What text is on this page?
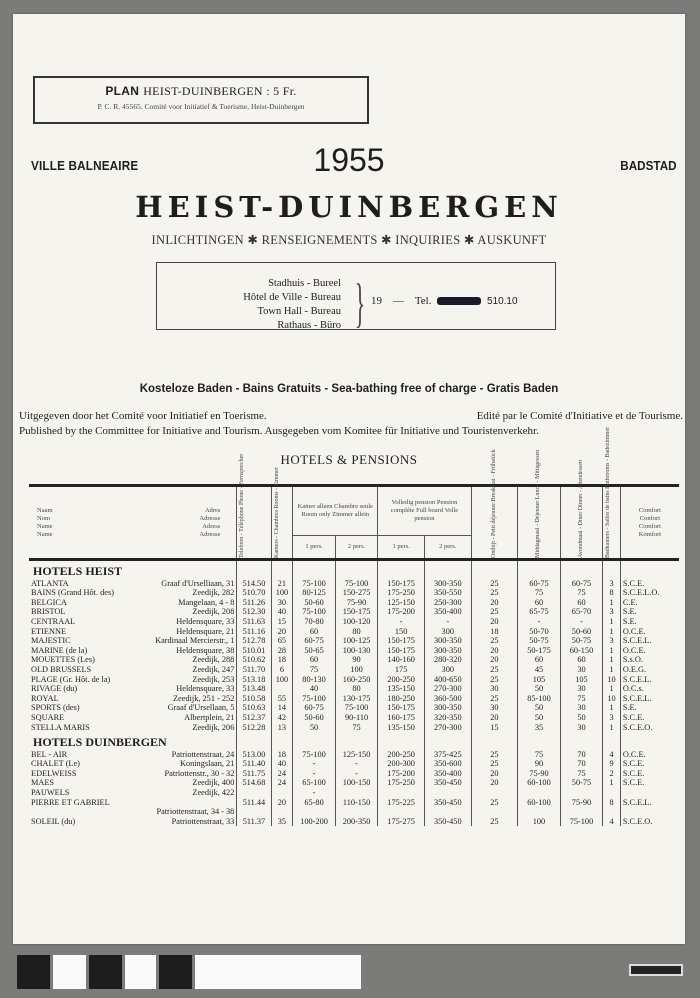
PLAN HEIST-DUINBERGEN : 5 Fr.
P. C. R. 45565. Comité voor Initiatief & Toerisme, Heist-Duinbergen
VILLE BALNEAIRE	1955	BADSTAD
HEIST-DUINBERGEN
INLICHTINGEN ✱ RENSEIGNEMENTS ✱ INQUIRIES ✱ AUSKUNFT
Stadhuis - Bureel
Hôtel de Ville - Bureau
Town Hall - Bureau
Rathaus - Büro } 19 — Tel.	510.10
Kosteloze Baden - Bains Gratuits - Sea-bathing free of charge - Gratis Baden
Uitgegeven door het Comité voor Initiatief en Toerisme.	Edité par le Comité d'Initiative et de Tourisme.
Published by the Committee for Initiative and Tourism. Ausgegeben vom Komitee für Initiative und Touristenverkehr.
HOTELS & PENSIONS
Naam
Nom
Name
Name
Adres
Adresse
Adress
Adresse	Telefoon - Téléphone Phone - Fernsprecher	Kamers - Chambres Rooms - Zimmer	Kamer alleen Chambre seule Room only Zimmer allein	Volledig pension Pension complète Full board Volle pension	Ontbijt - Petit déjeuner Breakfast - Frühstück	Middagmaal - Déjeuner Lunch - Mittagessen	Avondmaal - Dîner Dinner - Abendessen	Badkamers - Salles de bains Bathrooms - Badezimmer	Comfort
Confort
Comfort
Komfort

			1 pers.	2 pers.	1 pers.	2 pers.					
HOTELS HEIST											

ATLANTA Graaf d'Urselliaan, 31	514.50	21	75-100	75-100	150-175	300-350	25	60-75	60-75	3	S.C.E.

BAINS (Grand Hôt. des) Zeedijk, 282	510.70	100	80-125	150-275	175-250	350-550	25	75	75	8	S.C.E.L.O.

BELGICA Mangelaan, 4 - 8	511.26	30	50-60	75-90	125-150	250-300	20	60	60	1	C.E.

BRISTOL Zeedijk, 208	512.30	40	75-100	150-175	175-200	350-400	25	65-75	65-70	3	S.E.

CENTRAAL Heldensquare, 33	511.63	15	70-80	100-120	-	-	20	-	-	1	S.E.

ETIENNE Heldensquare, 21	511.16	20	60	80	150	300	18	50-70	50-60	1	O.C.E.

MAJESTIC Kardinaal Mercierstr., 1	512.78	65	60-75	100-125	150-175	300-350	25	50-75	50-75	3	S.C.E.L.

MARINE (de la) Heldensquare, 38	510.01	28	50-65	100-130	150-175	300-350	20	50-175	60-150	1	O.C.E.

MOUETTES (Les) Zeedijk, 288	510.62	18	60	90	140-160	280-320	20	60	60	1	S.s.O.

OLD BRUSSELS Zeedijk, 247	511.70	6	75	100	175	300	25	45	30	1	O.E.G.

PLAGE (Gr. Hôt. de la) Zeedijk, 253	513.18	100	80-130	160-250	200-250	400-650	25	105	105	10	S.C.E.L.

RIVAGE (du) Heldensquare, 33	513.48		40	80	135-150	270-300	30	50	30	1	O.C.s.

ROYAL Zeedijk, 251 - 252	510.58	55	75-100	130-175	180-250	360-500	25	85-100	75	10	S.C.E.L.

SPORTS (des) Graaf d'Ursellaan, 5	510.63	14	60-75	75-100	150-175	300-350	30	50	30	1	S.E.

SQUARE Albertplein, 21	512.37	42	50-60	90-110	160-175	320-350	20	50	50	3	S.C.E.

STELLA MARIS Zeedijk, 206	512.28	13	50	75	135-150	270-300	15	35	30	1	S.C.E.O.
HOTELS DUINBERGEN											

BEL - AIR Patriottenstraat, 24	513.00	18	75-100	125-150	200-250	375-425	25	75	70	4	O.C.E.

CHALET (Le) Koningslaan, 21	511.40	40	-	-	200-300	350-600	25	90	70	9	S.C.E.

EDELWEISS Patriottenstr., 30 - 32	511.75	24	-	-	175-200	350-400	20	75-90	75	2	S.C.E.

MAES Zeedijk, 400	514.68	24	65-100	100-150	175-250	350-450	20	60-100	50-75	1	S.C.E.

PAUWELS Zeedijk, 422			-								

PIERRE ET GABRIEL	511.44	20	65-80	110-150	175-225	350-450	25	60-100	75-90	8	S.C.E.L.

Patriottenstraat, 34 - 38											

SOLEIL (du) Patriottenstraat, 33	511.37	35	100-200	200-350	175-275	350-450	25	100	75-100	4	S.C.E.O.
